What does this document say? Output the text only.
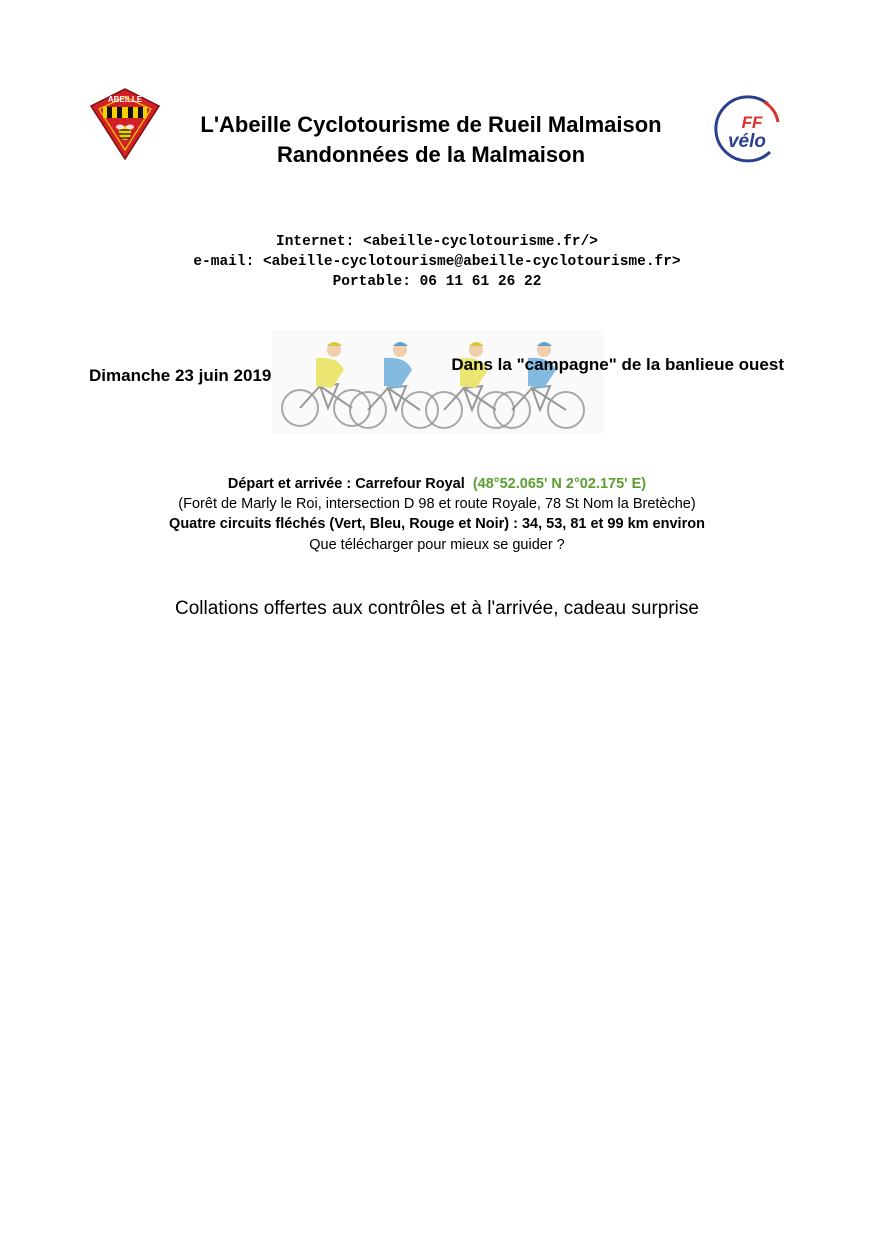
ABEILLE
FF
vélo
L'Abeille Cyclotourisme de Rueil Malmaison
Randonnées de la Malmaison
Internet: <abeille-cyclotourisme.fr/>
e-mail: <abeille-cyclotourisme@abeille-cyclotourisme.fr>
Portable: 06 11 61 26 22
Dimanche 23 juin 2019
Dans la "campagne" de la banlieue ouest
Départ et arrivée : Carrefour Royal (48°52.065' N 2°02.175' E)
(Forêt de Marly le Roi, intersection D 98 et route Royale, 78 St Nom la Bretèche)
Quatre circuits fléchés (Vert, Bleu, Rouge et Noir) : 34, 53, 81 et 99 km environ
Que télécharger pour mieux se guider ?
Collations offertes aux contrôles et à l'arrivée, cadeau surprise
